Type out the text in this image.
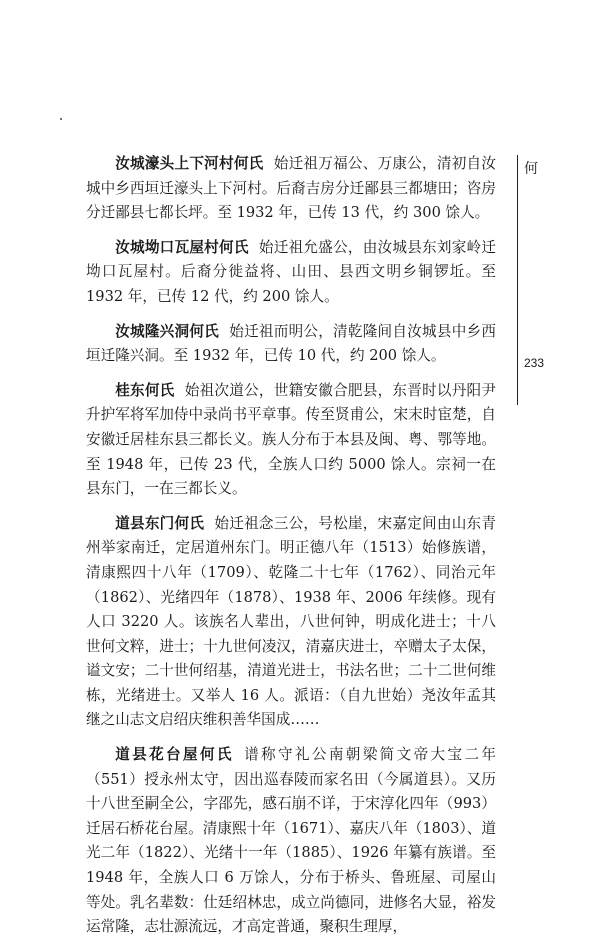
汝城濠头上下河村何氏 始迁祖万福公、万康公，清初自汝城中乡西垣迁濠头上下河村。后裔吉房分迁鄙县三都塘田；咨房分迁鄙县七都长坪。至 1932 年，已传 13 代，约 300 馀人。

汝城坳口瓦屋村何氏 始迁祖允盛公，由汝城县东刘家岭迁坳口瓦屋村。后裔分徙益将、山田、县西文明乡铜锣坵。至 1932 年，已传 12 代，约 200 馀人。

汝城隆兴洞何氏 始迁祖而明公，清乾隆间自汝城县中乡西垣迁隆兴洞。至 1932 年，已传 10 代，约 200 馀人。

桂东何氏 始祖次道公，世籍安徽合肥县，东晋时以丹阳尹升护军将军加侍中录尚书平章事。传至贤甫公，宋末时宦楚，自安徽迁居桂东县三都长义。族人分布于本县及闽、粤、鄂等地。至 1948 年，已传 23 代，全族人口约 5000 馀人。宗祠一在县东门，一在三都长义。

道县东门何氏 始迁祖念三公，号松崖，宋嘉定间由山东青州举家南迁，定居道州东门。明正德八年（1513）始修族谱，清康熙四十八年（1709）、乾隆二十七年（1762）、同治元年（1862）、光绪四年（1878）、1938 年、2006 年续修。现有人口 3220 人。该族名人辈出，八世何钟，明成化进士；十八世何文粹，进士；十九世何凌汉，清嘉庆进士，卒赠太子太保，谥文安；二十世何绍基，清道光进士，书法名世；二十二世何维栋，光绪进士。又举人 16 人。派语：（自九世始）尧汝年孟其继之山志文启绍庆维积善华国成……

道县花台屋何氏 谱称守礼公南朝梁简文帝大宝二年（551）授永州太守，因出巡春陵而家名田（今属道县）。又历十八世至嗣全公，字邵先，感石崩不详，于宋淳化四年（993）迁居石桥花台屋。清康熙十年（1671）、嘉庆八年（1803）、道光二年（1822）、光绪十一年（1885）、1926 年纂有族谱。至 1948 年，全族人口 6 万馀人，分布于桥头、鲁班屋、司屋山等处。乳名辈数：仕廷绍林忠，成立尚德同，进修名大显，裕发运常隆，志壮源流远，才高定普通，聚积生理厚，

何
233
